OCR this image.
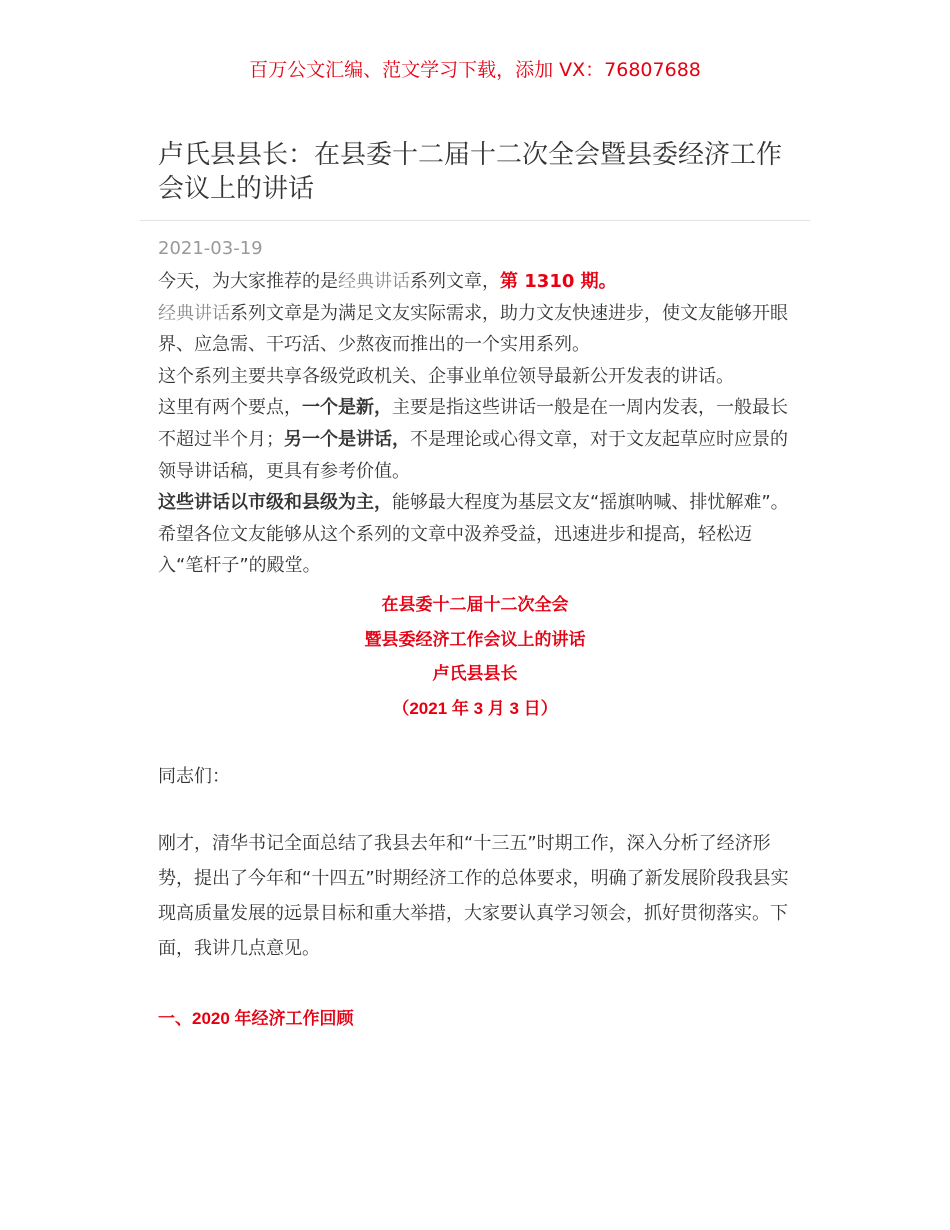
百万公文汇编、范文学习下载，添加 VX：76807688
卢氏县县长：在县委十二届十二次全会暨县委经济工作会议上的讲话
2021-03-19

今天，为大家推荐的是经典讲话系列文章，第 1310 期。

经典讲话系列文章是为满足文友实际需求，助力文友快速进步，使文友能够开眼界、应急需、干巧活、少熬夜而推出的一个实用系列。

这个系列主要共享各级党政机关、企事业单位领导最新公开发表的讲话。

这里有两个要点，一个是新，主要是指这些讲话一般是在一周内发表，一般最长不超过半个月；另一个是讲话，不是理论或心得文章，对于文友起草应时应景的领导讲话稿，更具有参考价值。

这些讲话以市级和县级为主，能够最大程度为基层文友“摇旗呐喊、排忧解难”。希望各位文友能够从这个系列的文章中汲养受益，迅速进步和提高，轻松迈入“笔杆子”的殿堂。

在县委十二届十二次全会
暨县委经济工作会议上的讲话
卢氏县县长
（2021 年 3 月 3 日）
同志们：

刚才，清华书记全面总结了我县去年和“十三五”时期工作，深入分析了经济形势，提出了今年和“十四五”时期经济工作的总体要求，明确了新发展阶段我县实现高质量发展的远景目标和重大举措，大家要认真学习领会，抓好贯彻落实。下面，我讲几点意见。

一、2020 年经济工作回顾
